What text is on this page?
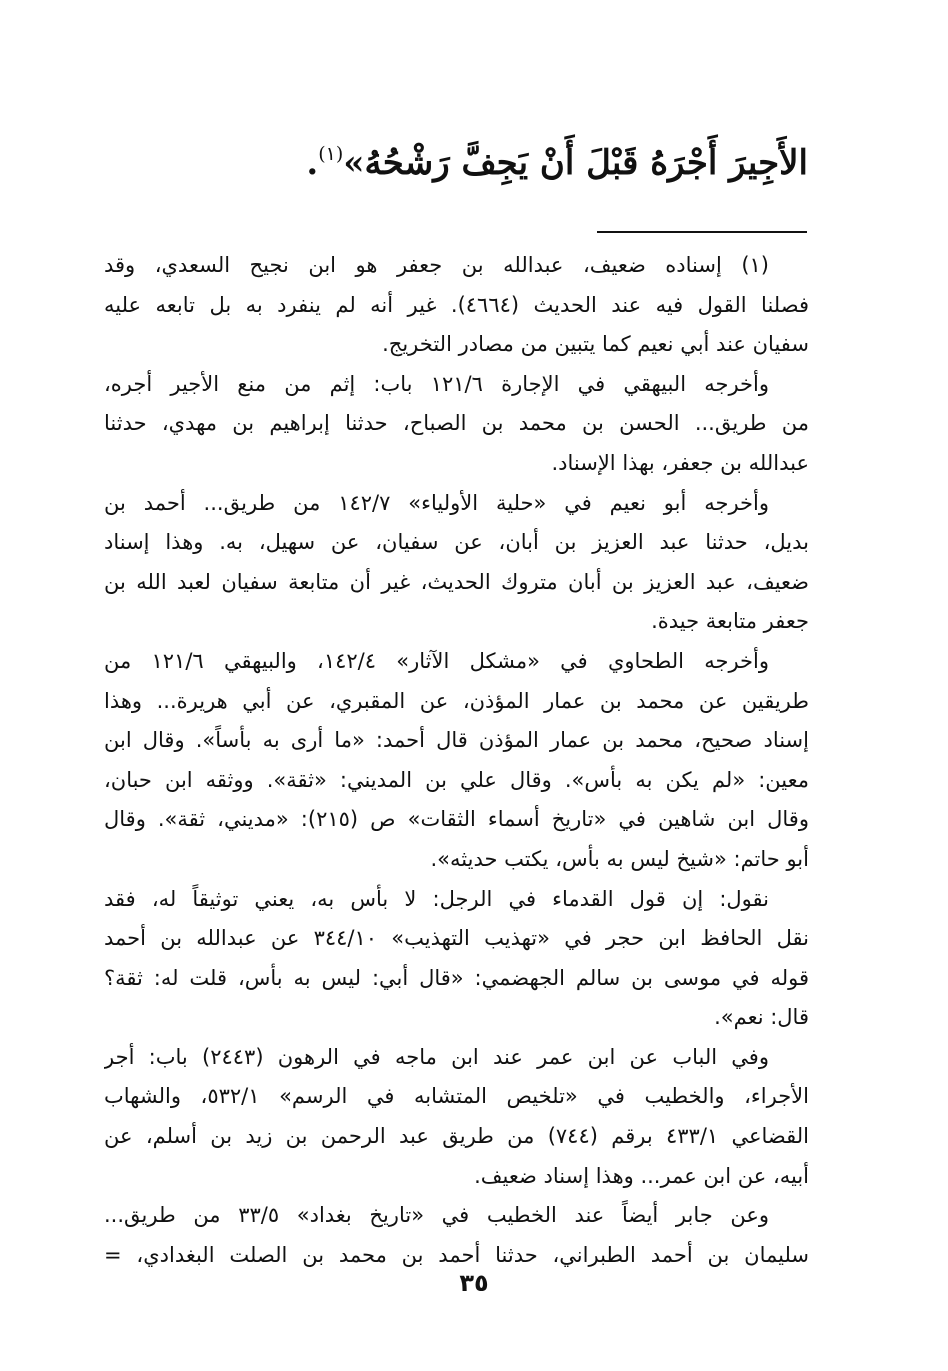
الأَجِيرَ أَجْرَهُ قَبْلَ أَنْ يَجِفَّ رَشْحُهُ»$^{(١)}$.
(١) إسناده ضعيف، عبدالله بن جعفر هو ابن نجيح السعدي، وقد
فصلنا القول فيه عند الحديث (٤٦٦٤). غير أنه لم ينفرد به بل تابعه عليه
سفيان عند أبي نعيم كما يتبين من مصادر التخريج.
وأخرجه البيهقي في الإجارة ١٢١/٦ باب: إثم من منع الأجير أجره،
من طريق... الحسن بن محمد بن الصباح، حدثنا إبراهيم بن مهدي، حدثنا
عبدالله بن جعفر، بهذا الإسناد.
وأخرجه أبو نعيم في «حلية الأولياء» ١٤٢/٧ من طريق... أحمد بن
بديل، حدثنا عبد العزيز بن أبان، عن سفيان، عن سهيل، به. وهذا إسناد
ضعيف، عبد العزيز بن أبان متروك الحديث، غير أن متابعة سفيان لعبد الله بن
جعفر متابعة جيدة.
وأخرجه الطحاوي في «مشكل الآثار» ١٤٢/٤، والبيهقي ١٢١/٦ من
طريقين عن محمد بن عمار المؤذن، عن المقبري، عن أبي هريرة... وهذا
إسناد صحيح، محمد بن عمار المؤذن قال أحمد: «ما أرى به بأساً». وقال ابن
معين: «لم يكن به بأس». وقال علي بن المديني: «ثقة». ووثقه ابن حبان،
وقال ابن شاهين في «تاريخ أسماء الثقات» ص (٢١٥): «مديني، ثقة». وقال
أبو حاتم: «شيخ ليس به بأس، يكتب حديثه».
نقول: إن قول القدماء في الرجل: لا بأس به، يعني توثيقاً له، فقد
نقل الحافظ ابن حجر في «تهذيب التهذيب» ٣٤٤/١٠ عن عبدالله بن أحمد
قوله في موسى بن سالم الجهضمي: «قال أبي: ليس به بأس، قلت له: ثقة؟
قال: نعم».
وفي الباب عن ابن عمر عند ابن ماجه في الرهون (٢٤٤٣) باب: أجر
الأجراء، والخطيب في «تلخيص المتشابه في الرسم» ٥٣٢/١، والشهاب
القضاعي ٤٣٣/١ برقم (٧٤٤) من طريق عبد الرحمن بن زيد بن أسلم، عن
أبيه، عن ابن عمر... وهذا إسناد ضعيف.
وعن جابر أيضاً عند الخطيب في «تاريخ بغداد» ٣٣/٥ من طريق...
سليمان بن أحمد الطبراني، حدثنا أحمد بن محمد بن الصلت البغدادي، =
٣٥
